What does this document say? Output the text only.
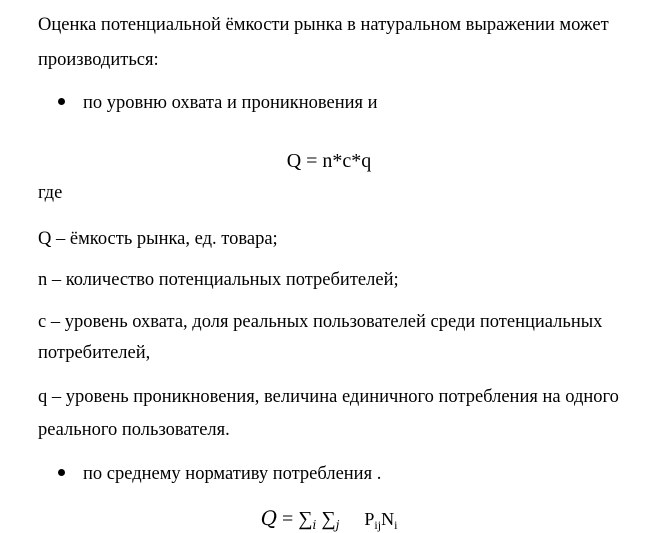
Оценка потенциальной ёмкости рынка в натуральном выражении может
производиться:
по уровню охвата и проникновения и
Q = n*c*q
где
Q – ёмкость рынка, ед. товара;
n – количество потенциальных потребителей;
c – уровень охвата, доля реальных пользователей среди потенциальных
потребителей,
q – уровень проникновения, величина единичного потребления на одного
реального пользователя.
по среднему нормативу потребления .
$Q = \sum_i$ $\sum_j$ $P_{ij}N_i$
